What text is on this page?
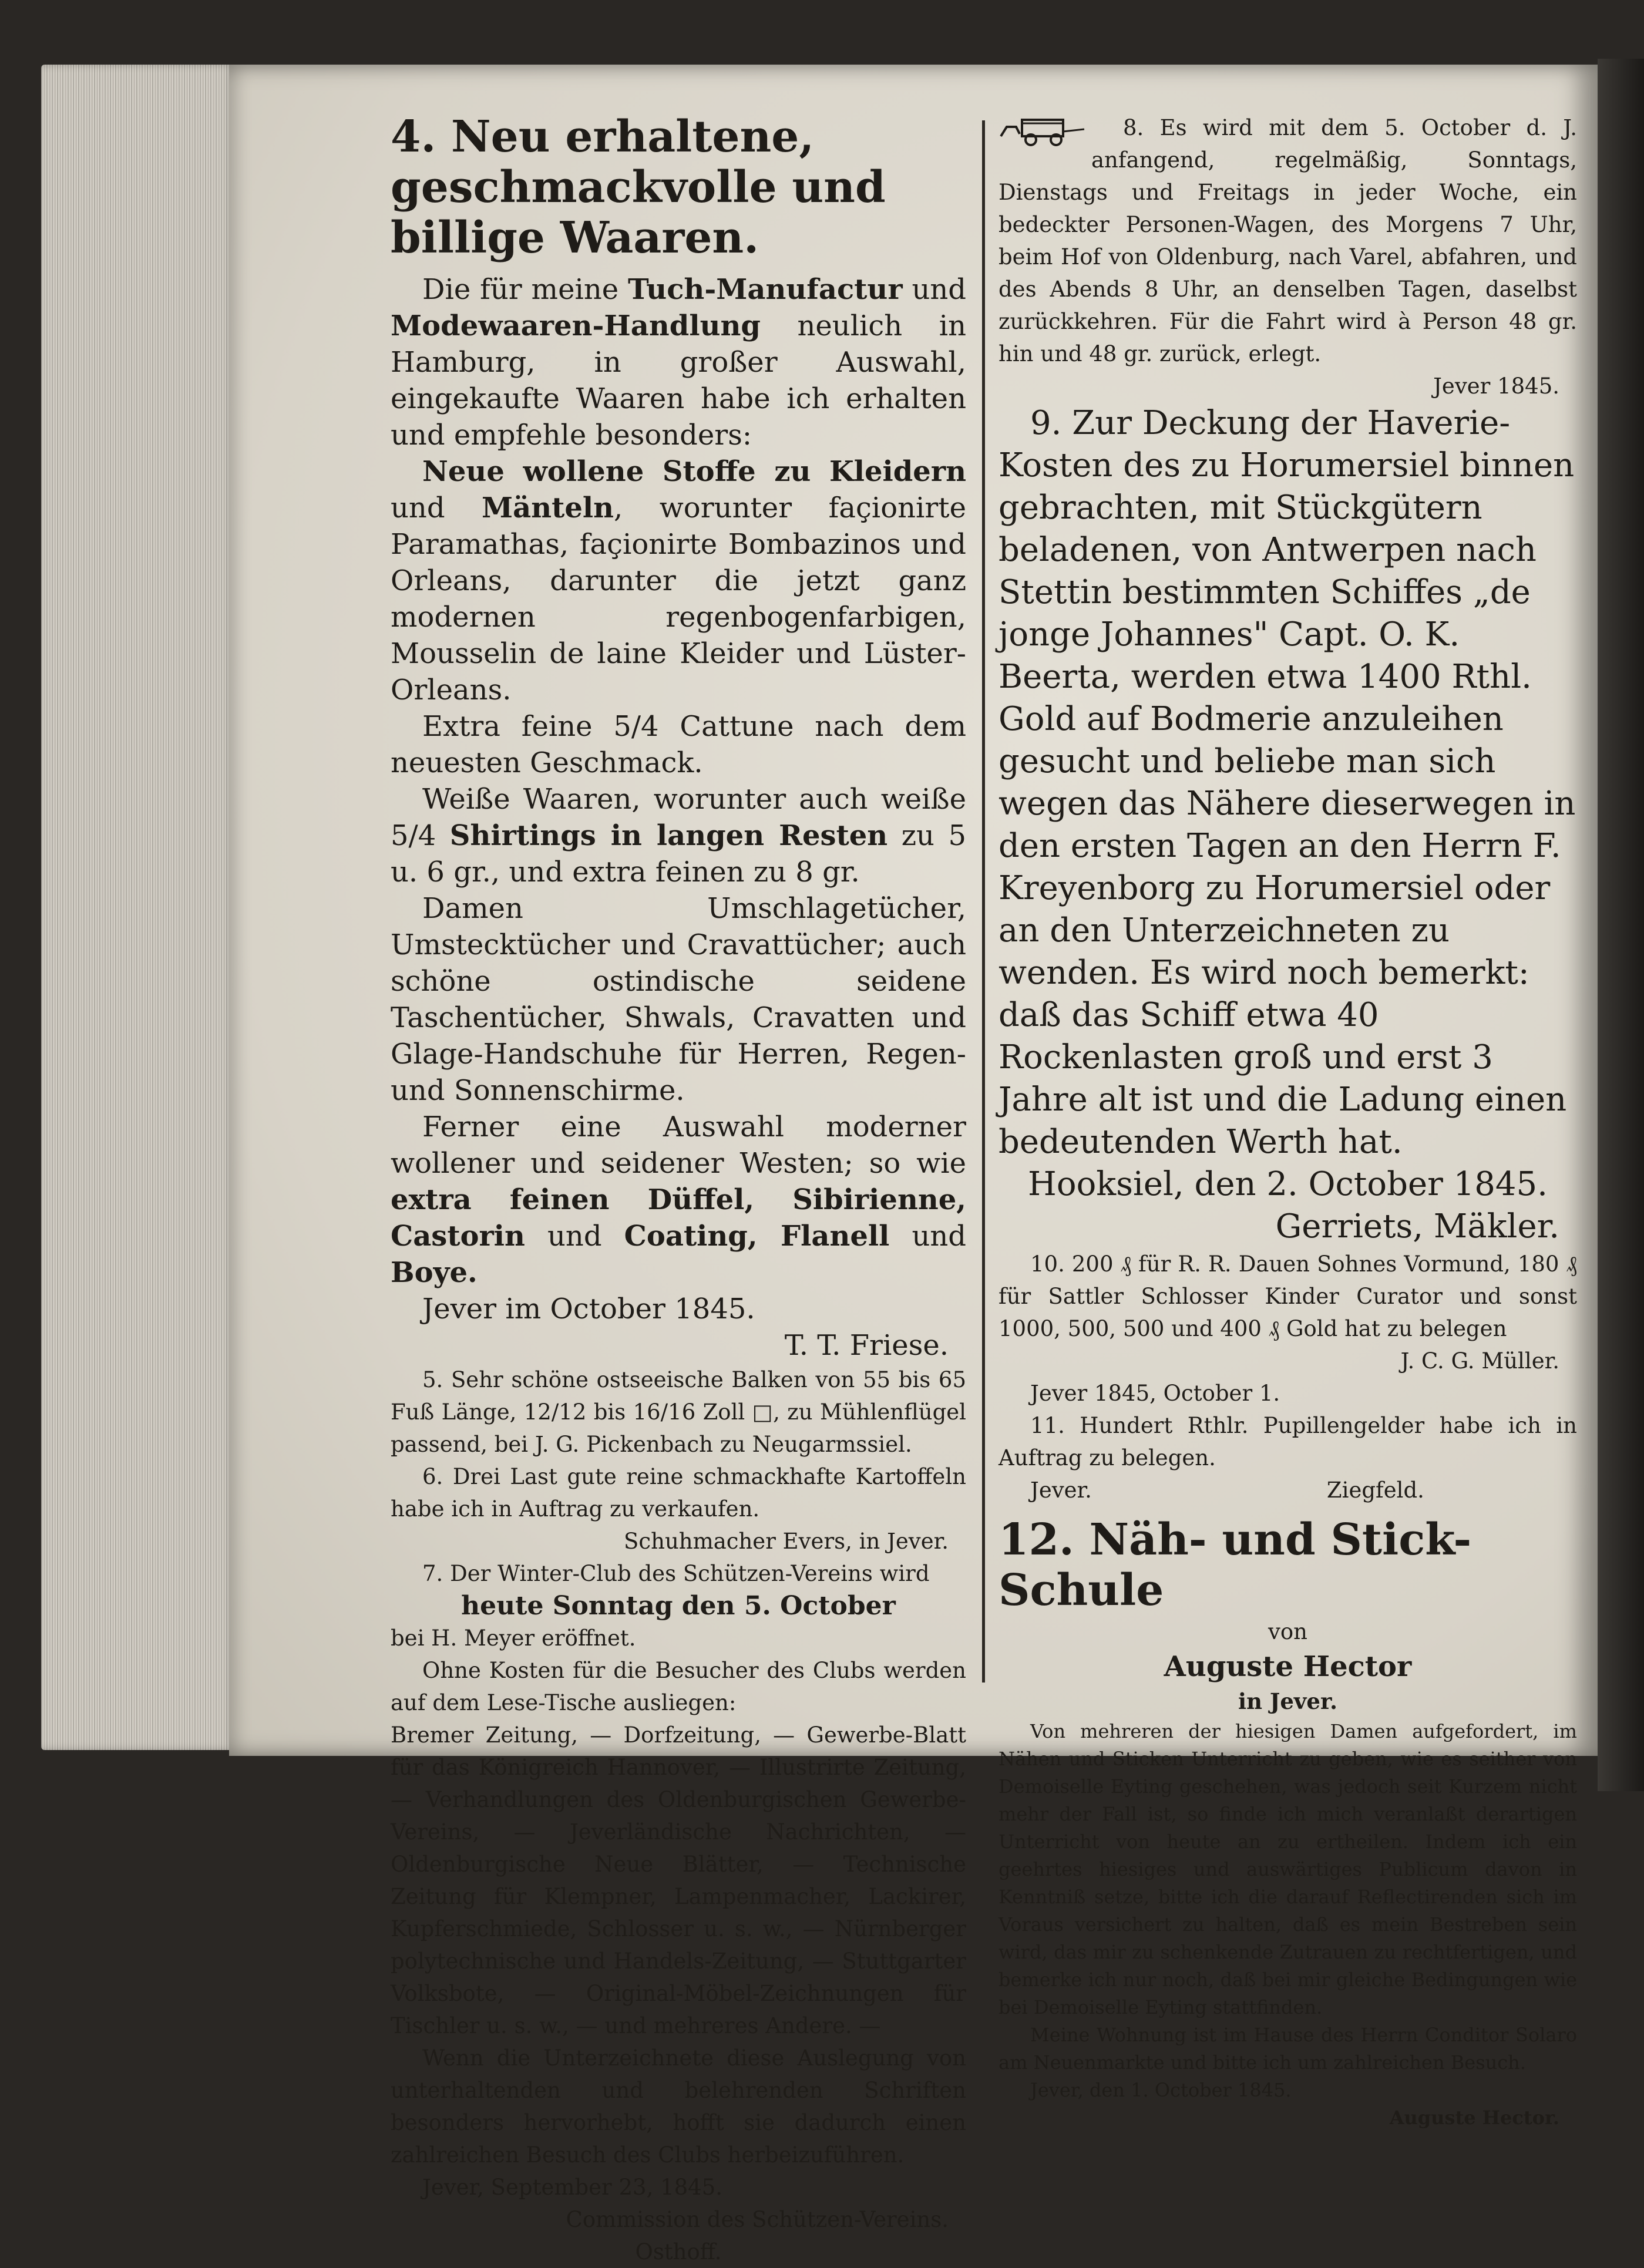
4. Neu erhaltene, geschmackvolle und billige Waaren.

Die für meine Tuch-Manufactur und Modewaaren-Handlung neulich in Hamburg, in großer Auswahl, eingekaufte Waaren habe ich erhalten und empfehle besonders:

Neue wollene Stoffe zu Kleidern und Mänteln, worunter façionirte Paramathas, façionirte Bombazinos und Orleans, darunter die jetzt ganz modernen regenbogenfarbigen, Mousselin de laine Kleider und Lüster-Orleans.

Extra feine 5/4 Cattune nach dem neuesten Geschmack.

Weiße Waaren, worunter auch weiße 5/4 Shirtings in langen Resten zu 5 u. 6 gr., und extra feinen zu 8 gr.

Damen Umschlagetücher, Umstecktücher und Cravattücher; auch schöne ostindische seidene Taschentücher, Shwals, Cravatten und Glage-Handschuhe für Herren, Regen- und Sonnenschirme.

Ferner eine Auswahl moderner wollener und seidener Westen; so wie extra feinen Düffel, Sibirienne, Castorin und Coating, Flanell und Boye.

Jever im October 1845.

T. T. Friese.

5. Sehr schöne ostseeische Balken von 55 bis 65 Fuß Länge, 12/12 bis 16/16 Zoll □, zu Mühlenflügel passend, bei J. G. Pickenbach zu Neugarmssiel.

6. Drei Last gute reine schmackhafte Kartoffeln habe ich in Auftrag zu verkaufen.

Schuhmacher Evers, in Jever.

7. Der Winter-Club des Schützen-Vereins wird

heute Sonntag den 5. October

bei H. Meyer eröffnet.

Ohne Kosten für die Besucher des Clubs werden auf dem Lese-Tische ausliegen:

Bremer Zeitung, — Dorfzeitung, — Gewerbe-Blatt für das Königreich Hannover, — Illustrirte Zeitung, — Verhandlungen des Oldenburgischen Gewerbe-Vereins, — Jeverländische Nachrichten, — Oldenburgische Neue Blätter, — Technische Zeitung für Klempner, Lampenmacher, Lackirer, Kupferschmiede, Schlosser u. s. w., — Nürnberger polytechnische und Handels-Zeitung, — Stuttgarter Volksbote, — Original-Möbel-Zeichnungen für Tischler u. s. w., — und mehreres Andere. —

Wenn die Unterzeichnete diese Auslegung von unterhaltenden und belehrenden Schriften besonders hervorhebt, hofft sie dadurch einen zahlreichen Besuch des Clubs herbeizuführen.

Jever, September 23, 1845.

Commission des Schützen-Vereins.

Osthoff.

8. Es wird mit dem 5. October d. J. anfangend, regelmäßig, Sonntags, Dienstags und Freitags in jeder Woche, ein bedeckter Personen-Wagen, des Morgens 7 Uhr, beim Hof von Oldenburg, nach Varel, abfahren, und des Abends 8 Uhr, an denselben Tagen, daselbst zurückkehren. Für die Fahrt wird à Person 48 gr. hin und 48 gr. zurück, erlegt.

Jever 1845.

9. Zur Deckung der Haverie-Kosten des zu Horumersiel binnen gebrachten, mit Stückgütern beladenen, von Antwerpen nach Stettin bestimmten Schiffes „de jonge Johannes" Capt. O. K. Beerta, werden etwa 1400 Rthl. Gold auf Bodmerie anzuleihen gesucht und beliebe man sich wegen das Nähere dieserwegen in den ersten Tagen an den Herrn F. Kreyenborg zu Horumersiel oder an den Unterzeichneten zu wenden. Es wird noch bemerkt: daß das Schiff etwa 40 Rockenlasten groß und erst 3 Jahre alt ist und die Ladung einen bedeutenden Werth hat.

Hooksiel, den 2. October 1845.

Gerriets, Mäkler.

10. 200 ₰ für R. R. Dauen Sohnes Vormund, 180 ₰ für Sattler Schlosser Kinder Curator und sonst 1000, 500, 500 und 400 ₰ Gold hat zu belegen

J. C. G. Müller.

Jever 1845, October 1.

11. Hundert Rthlr. Pupillengelder habe ich in Auftrag zu belegen.

Jever.	Ziegfeld.

12. Näh- und Stick-Schule

von

Auguste Hector

in Jever.

Von mehreren der hiesigen Damen aufgefordert, im Nähen und Sticken Unterricht zu geben, wie es seither von Demoiselle Eyting geschehen, was jedoch seit Kurzem nicht mehr der Fall ist, so finde ich mich veranlaßt derartigen Unterricht von heute an zu ertheilen. Indem ich ein geehrtes hiesiges und auswärtiges Publicum davon in Kenntniß setze, bitte ich die darauf Reflectirenden sich im Voraus versichert zu halten, daß es mein Bestreben sein wird, das mir zu schenkende Zutrauen zu rechtfertigen, und bemerke ich nur noch, daß bei mir gleiche Bedingungen wie bei Demoiselle Eyting stattfinden.

Meine Wohnung ist im Hause des Herrn Conditor Solaro am Neuenmarkte und bitte ich um zahlreichen Besuch.

Jever, den 1. October 1845.

Auguste Hector.
